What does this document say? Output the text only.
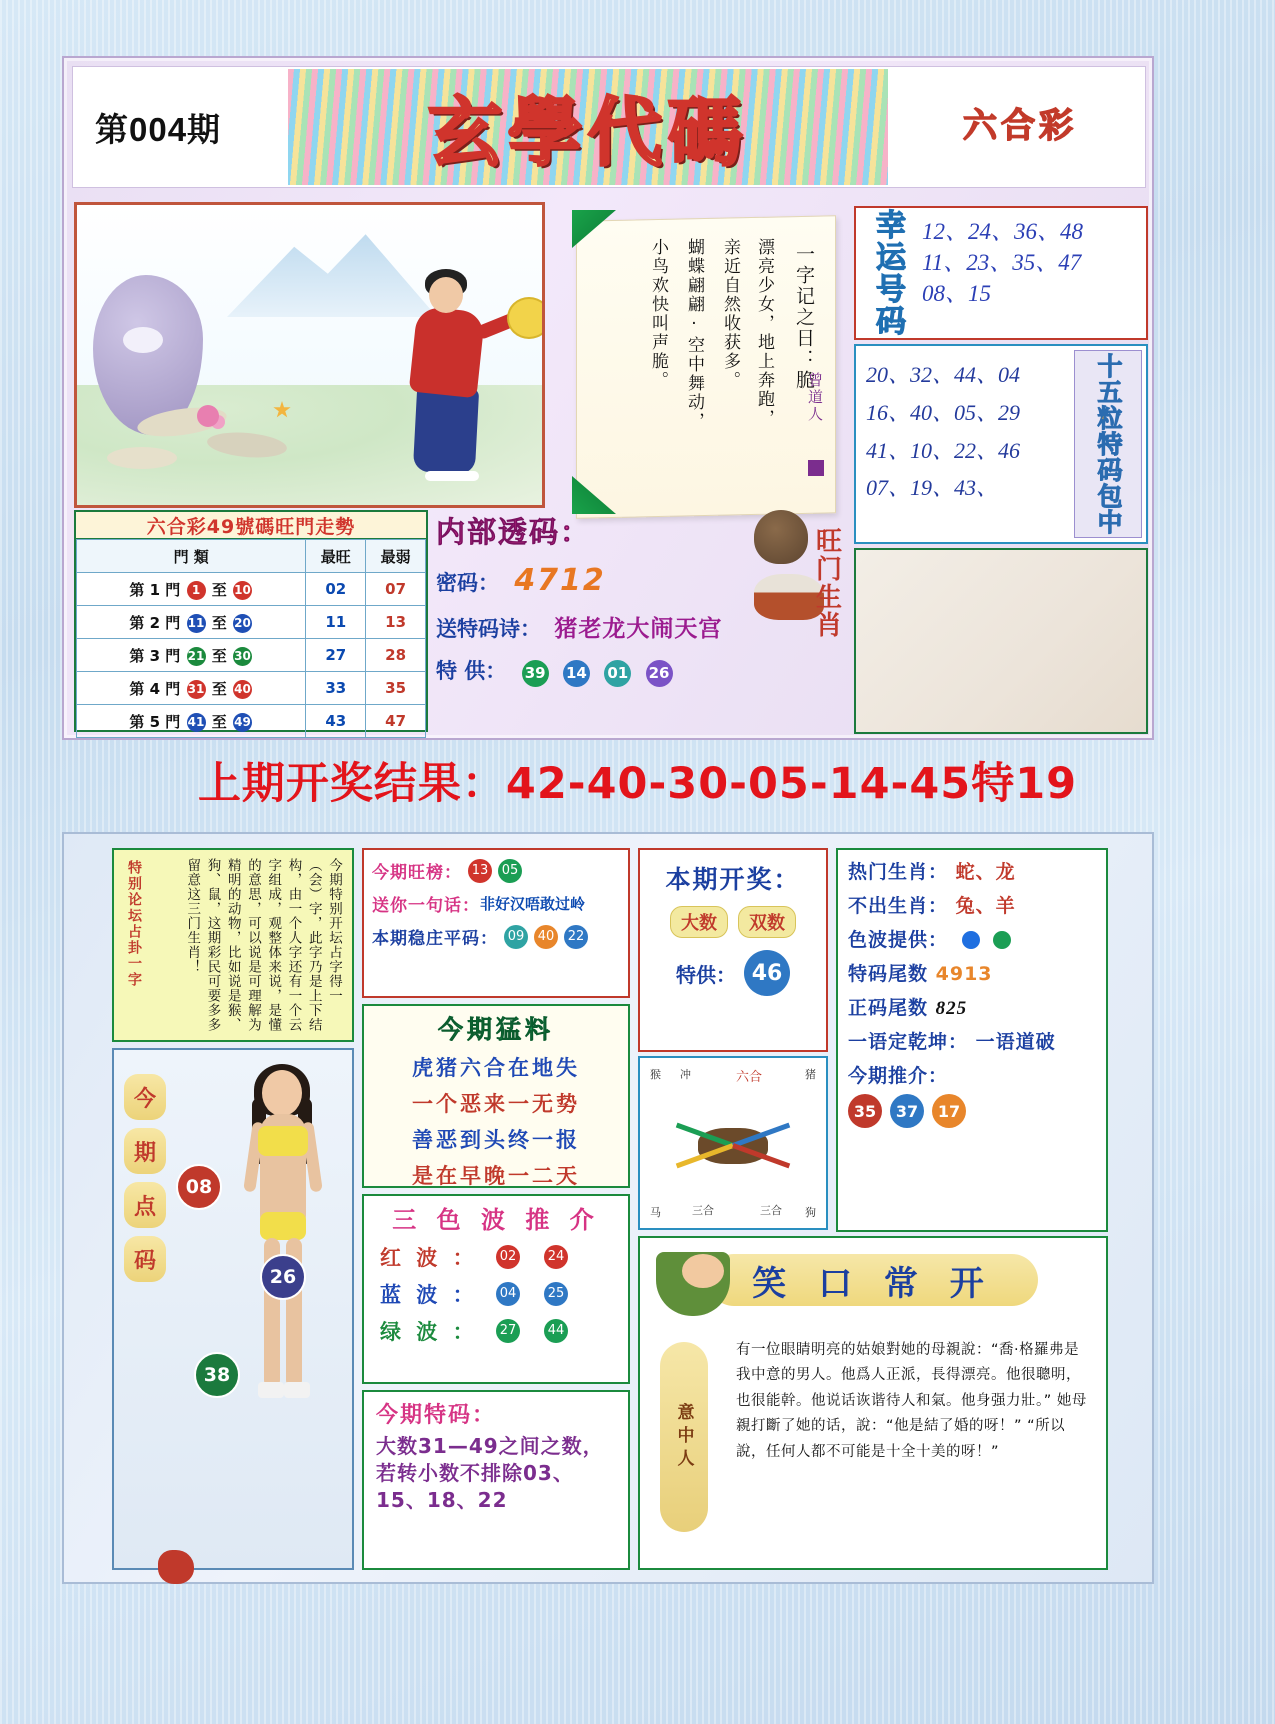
第004期	玄學代碼	六合彩
一字记之日：脆
漂亮少女，地上奔跑，
亲近自然收获多。
蝴蝶翩翩·空中舞动，
小鸟欢快叫声脆。
曾道人
幸运号码 12、24、36、48
11、23、35、47
08、15
20、32、44、04
16、40、05、29
41、10、22、46
07、19、43、	十五粒特码包中
六合彩49號碼旺門走勢
門 類	最旺	最弱
第 1 門 1 至 10	02	07
第 2 門 11 至 20	11	13
第 3 門 21 至 30	27	28
第 4 門 31 至 40	33	35
第 5 門 41 至 49	43	47
内部透码：
密码： 4712
送特码诗： 猪老龙大闹天宫
特 供： 39 14 01 26
旺门生肖
上期开奖结果：42-40-30-05-14-45特19
特别论坛占卦一字	今期特别开坛占字得一（会）字，此字乃是上下结构，由一个人字还有一个云字组成，观整体来说，是懂的意思，可以说是可理解为精明的动物，比如说是猴、狗、鼠，这期彩民可要多多留意这三门生肖！	今期旺榜： 13 05
送你一句话： 非好汉唔敢过岭
本期稳庄平码： 09 40 22
今期猛料
虎猪六合在地失
一个恶来一无势
善恶到头终一报
是在早晚一二天
三 色 波 推 介
红 波 ：	02 24
蓝 波 ：	04 25
绿 波 ：	27 44
今期特码：
大数31—49之间之数，若转小数不排除03、15、18、22
本期开奖：
大数	双数
特供： 46
猴	猪
马	狗
三合	三合
冲	六合
热门生肖： 蛇、龙
不出生肖： 兔、羊
色波提供：
特码尾数 4913
正码尾数 825
一语定乾坤： 一语道破
今期推介：
35	37	17
笑 口 常 开
意中人
有一位眼睛明亮的姑娘對她的母親說：“喬·格羅弗是我中意的男人。他爲人正派，長得漂亮。他很聰明，也很能幹。他说话诙谐待人和氣。他身强力壯。” 她母親打斷了她的话，說：“他是結了婚的呀！” “所以說，任何人都不可能是十全十美的呀！”
今
期
点
码
08
26
38
